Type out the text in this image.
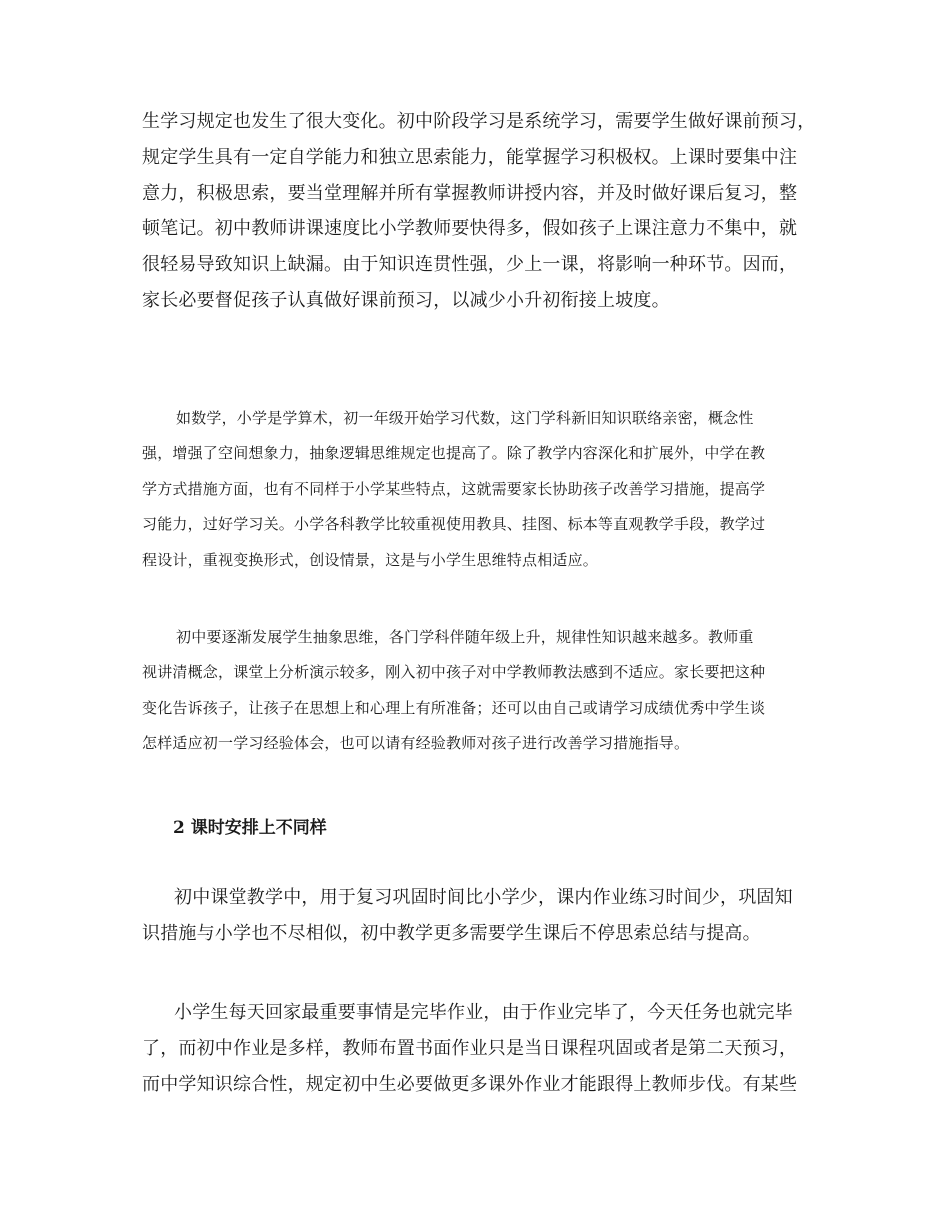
生学习规定也发生了很大变化。初中阶段学习是系统学习，需要学生做好课前预习，
规定学生具有一定自学能力和独立思索能力，能掌握学习积极权。上课时要集中注
意力，积极思索，要当堂理解并所有掌握教师讲授内容，并及时做好课后复习，整
顿笔记。初中教师讲课速度比小学教师要快得多，假如孩子上课注意力不集中，就
很轻易导致知识上缺漏。由于知识连贯性强，少上一课，将影响一种环节。因而，
家长必要督促孩子认真做好课前预习，以减少小升初衔接上坡度。
如数学，小学是学算术，初一年级开始学习代数，这门学科新旧知识联络亲密，概念性
强，增强了空间想象力，抽象逻辑思维规定也提高了。除了教学内容深化和扩展外，中学在教
学方式措施方面，也有不同样于小学某些特点，这就需要家长协助孩子改善学习措施，提高学
习能力，过好学习关。小学各科教学比较重视使用教具、挂图、标本等直观教学手段，教学过
程设计，重视变换形式，创设情景，这是与小学生思维特点相适应。
初中要逐渐发展学生抽象思维，各门学科伴随年级上升，规律性知识越来越多。教师重
视讲清概念，课堂上分析演示较多，刚入初中孩子对中学教师教法感到不适应。家长要把这种
变化告诉孩子，让孩子在思想上和心理上有所准备；还可以由自己或请学习成绩优秀中学生谈
怎样适应初一学习经验体会，也可以请有经验教师对孩子进行改善学习措施指导。
2 课时安排上不同样
初中课堂教学中，用于复习巩固时间比小学少，课内作业练习时间少，巩固知
识措施与小学也不尽相似，初中教学更多需要学生课后不停思索总结与提高。
小学生每天回家最重要事情是完毕作业，由于作业完毕了，今天任务也就完毕
了，而初中作业是多样，教师布置书面作业只是当日课程巩固或者是第二天预习，
而中学知识综合性，规定初中生必要做更多课外作业才能跟得上教师步伐。有某些
